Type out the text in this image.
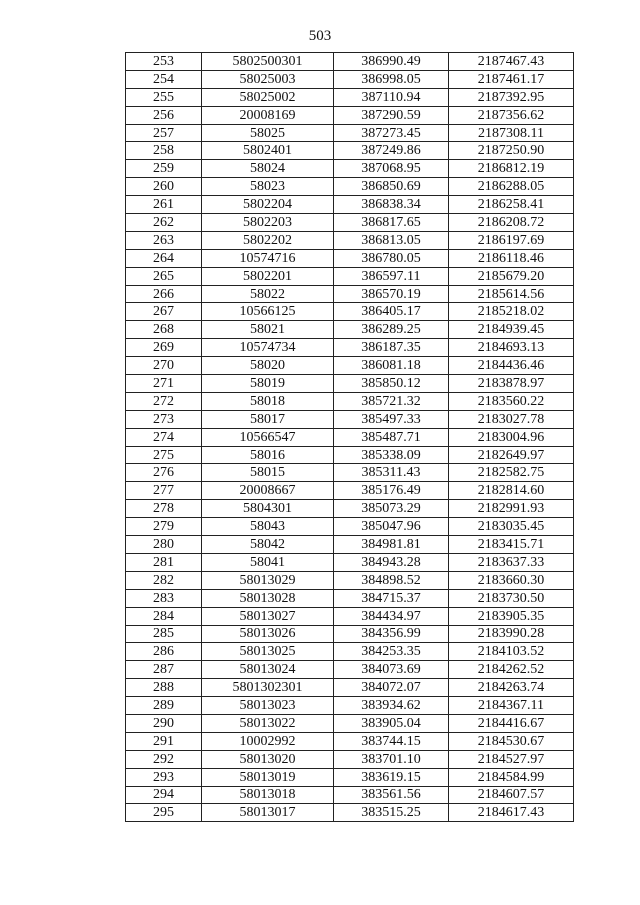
503
253	5802500301	386990.49	2187467.43
254	58025003	386998.05	2187461.17
255	58025002	387110.94	2187392.95
256	20008169	387290.59	2187356.62
257	58025	387273.45	2187308.11
258	5802401	387249.86	2187250.90
259	58024	387068.95	2186812.19
260	58023	386850.69	2186288.05
261	5802204	386838.34	2186258.41
262	5802203	386817.65	2186208.72
263	5802202	386813.05	2186197.69
264	10574716	386780.05	2186118.46
265	5802201	386597.11	2185679.20
266	58022	386570.19	2185614.56
267	10566125	386405.17	2185218.02
268	58021	386289.25	2184939.45
269	10574734	386187.35	2184693.13
270	58020	386081.18	2184436.46
271	58019	385850.12	2183878.97
272	58018	385721.32	2183560.22
273	58017	385497.33	2183027.78
274	10566547	385487.71	2183004.96
275	58016	385338.09	2182649.97
276	58015	385311.43	2182582.75
277	20008667	385176.49	2182814.60
278	5804301	385073.29	2182991.93
279	58043	385047.96	2183035.45
280	58042	384981.81	2183415.71
281	58041	384943.28	2183637.33
282	58013029	384898.52	2183660.30
283	58013028	384715.37	2183730.50
284	58013027	384434.97	2183905.35
285	58013026	384356.99	2183990.28
286	58013025	384253.35	2184103.52
287	58013024	384073.69	2184262.52
288	5801302301	384072.07	2184263.74
289	58013023	383934.62	2184367.11
290	58013022	383905.04	2184416.67
291	10002992	383744.15	2184530.67
292	58013020	383701.10	2184527.97
293	58013019	383619.15	2184584.99
294	58013018	383561.56	2184607.57
295	58013017	383515.25	2184617.43
